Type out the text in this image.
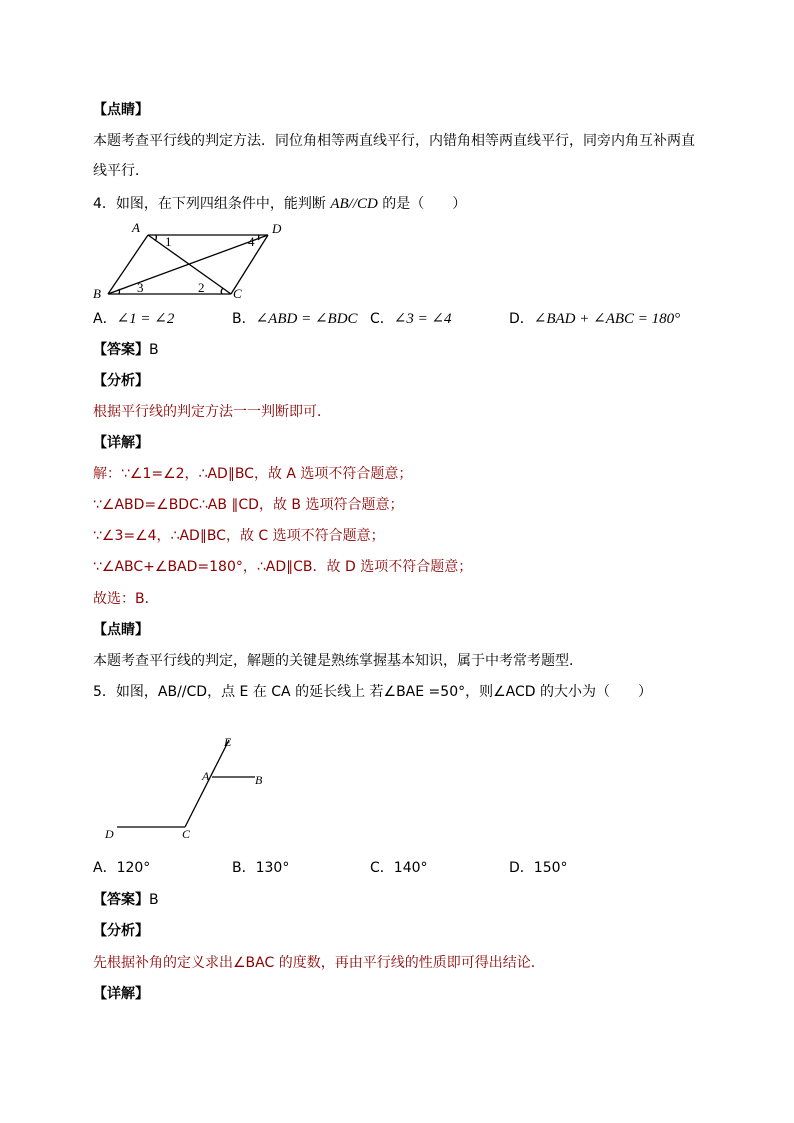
【点睛】
本题考查平行线的判定方法．同位角相等两直线平行，内错角相等两直线平行，同旁内角互补两直
线平行．
4．如图，在下列四组条件中，能判断 AB//CD 的是（　　）
A	D
B	C
1	4
3	2
A．∠1 = ∠2	B．∠ABD = ∠BDC C．∠3 = ∠4	D．∠BAD + ∠ABC = 180°
【答案】B
【分析】
根据平行线的判定方法一一判断即可．
【详解】
解：∵∠1=∠2，∴AD∥BC，故 A 选项不符合题意；
∵∠ABD=∠BDC∴AB ∥CD，故 B 选项符合题意；
∵∠3=∠4，∴AD∥BC，故 C 选项不符合题意；
∵∠ABC+∠BAD=180°，∴AD∥CB．故 D 选项不符合题意；
故选：B．
【点睛】
本题考查平行线的判定，解题的关键是熟练掌握基本知识，属于中考常考题型．
5．如图，AB//CD，点 E 在 CA 的延长线上 若∠BAE =50°，则∠ACD 的大小为（　　）
E
A	B
D	C
A．120°	B．130°	C．140°	D．150°
【答案】B
【分析】
先根据补角的定义求出∠BAC 的度数，再由平行线的性质即可得出结论．
【详解】
